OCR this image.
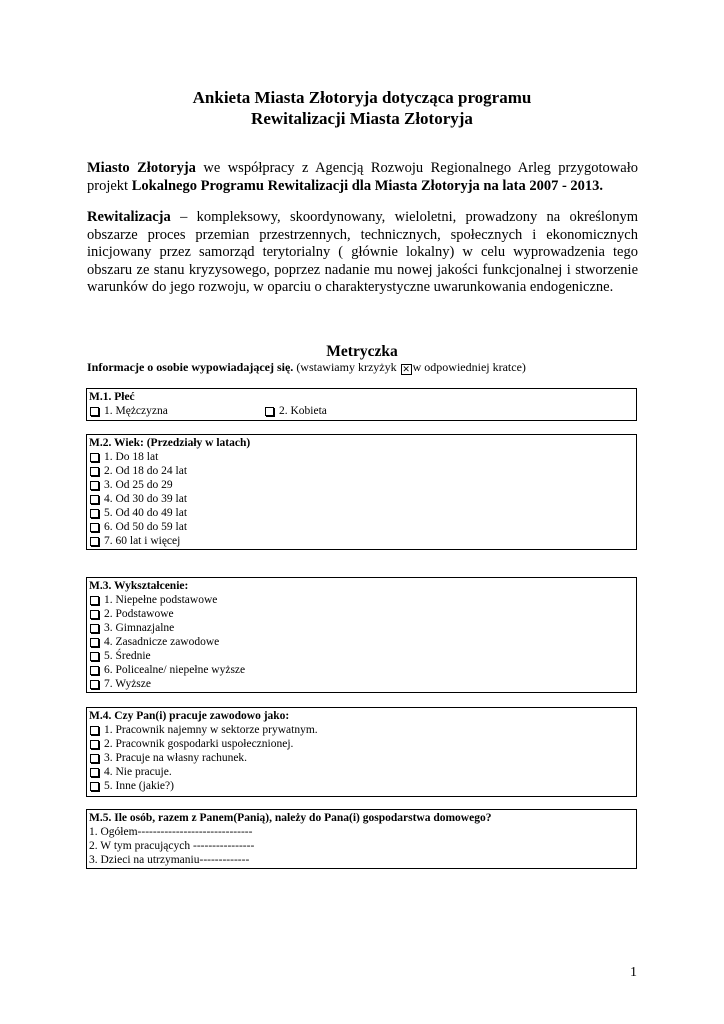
Ankieta Miasta Złotoryja dotycząca programu
Rewitalizacji Miasta Złotoryja
Miasto Złotoryja we współpracy z Agencją Rozwoju Regionalnego Arleg przygotowało projekt Lokalnego Programu Rewitalizacji dla Miasta Złotoryja na lata 2007 - 2013.
Rewitalizacja – kompleksowy, skoordynowany, wieloletni, prowadzony na określonym obszarze proces przemian przestrzennych, technicznych, społecznych i ekonomicznych inicjowany przez samorząd terytorialny ( głównie lokalny) w celu wyprowadzenia tego obszaru ze stanu kryzysowego, poprzez nadanie mu nowej jakości funkcjonalnej i stworzenie warunków do jego rozwoju, w oparciu o charakterystyczne uwarunkowania endogeniczne.
Metryczka
Informacje o osobie wypowiadającej się. (wstawiamy krzyżyk ✕ w odpowiedniej kratce)
M.1. Płeć
1. Mężczyzna	2. Kobieta
M.2. Wiek: (Przedziały w latach)
1. Do 18 lat
2. Od 18 do 24 lat
3. Od 25 do 29
4. Od 30 do 39 lat
5. Od 40 do 49 lat
6. Od 50 do 59 lat
7. 60 lat i więcej
M.3. Wykształcenie:
1. Niepełne podstawowe
2. Podstawowe
3. Gimnazjalne
4. Zasadnicze zawodowe
5. Średnie
6. Policealne/ niepełne wyższe
7. Wyższe
M.4. Czy Pan(i) pracuje zawodowo jako:
1. Pracownik najemny w sektorze prywatnym.
2. Pracownik gospodarki uspołecznionej.
3. Pracuje na własny rachunek.
4. Nie pracuje.
5. Inne (jakie?)
M.5. Ile osób, razem z Panem(Panią), należy do Pana(i) gospodarstwa domowego?
1. Ogółem------------------------------
2. W tym pracujących ----------------
3. Dzieci na utrzymaniu-------------
1
